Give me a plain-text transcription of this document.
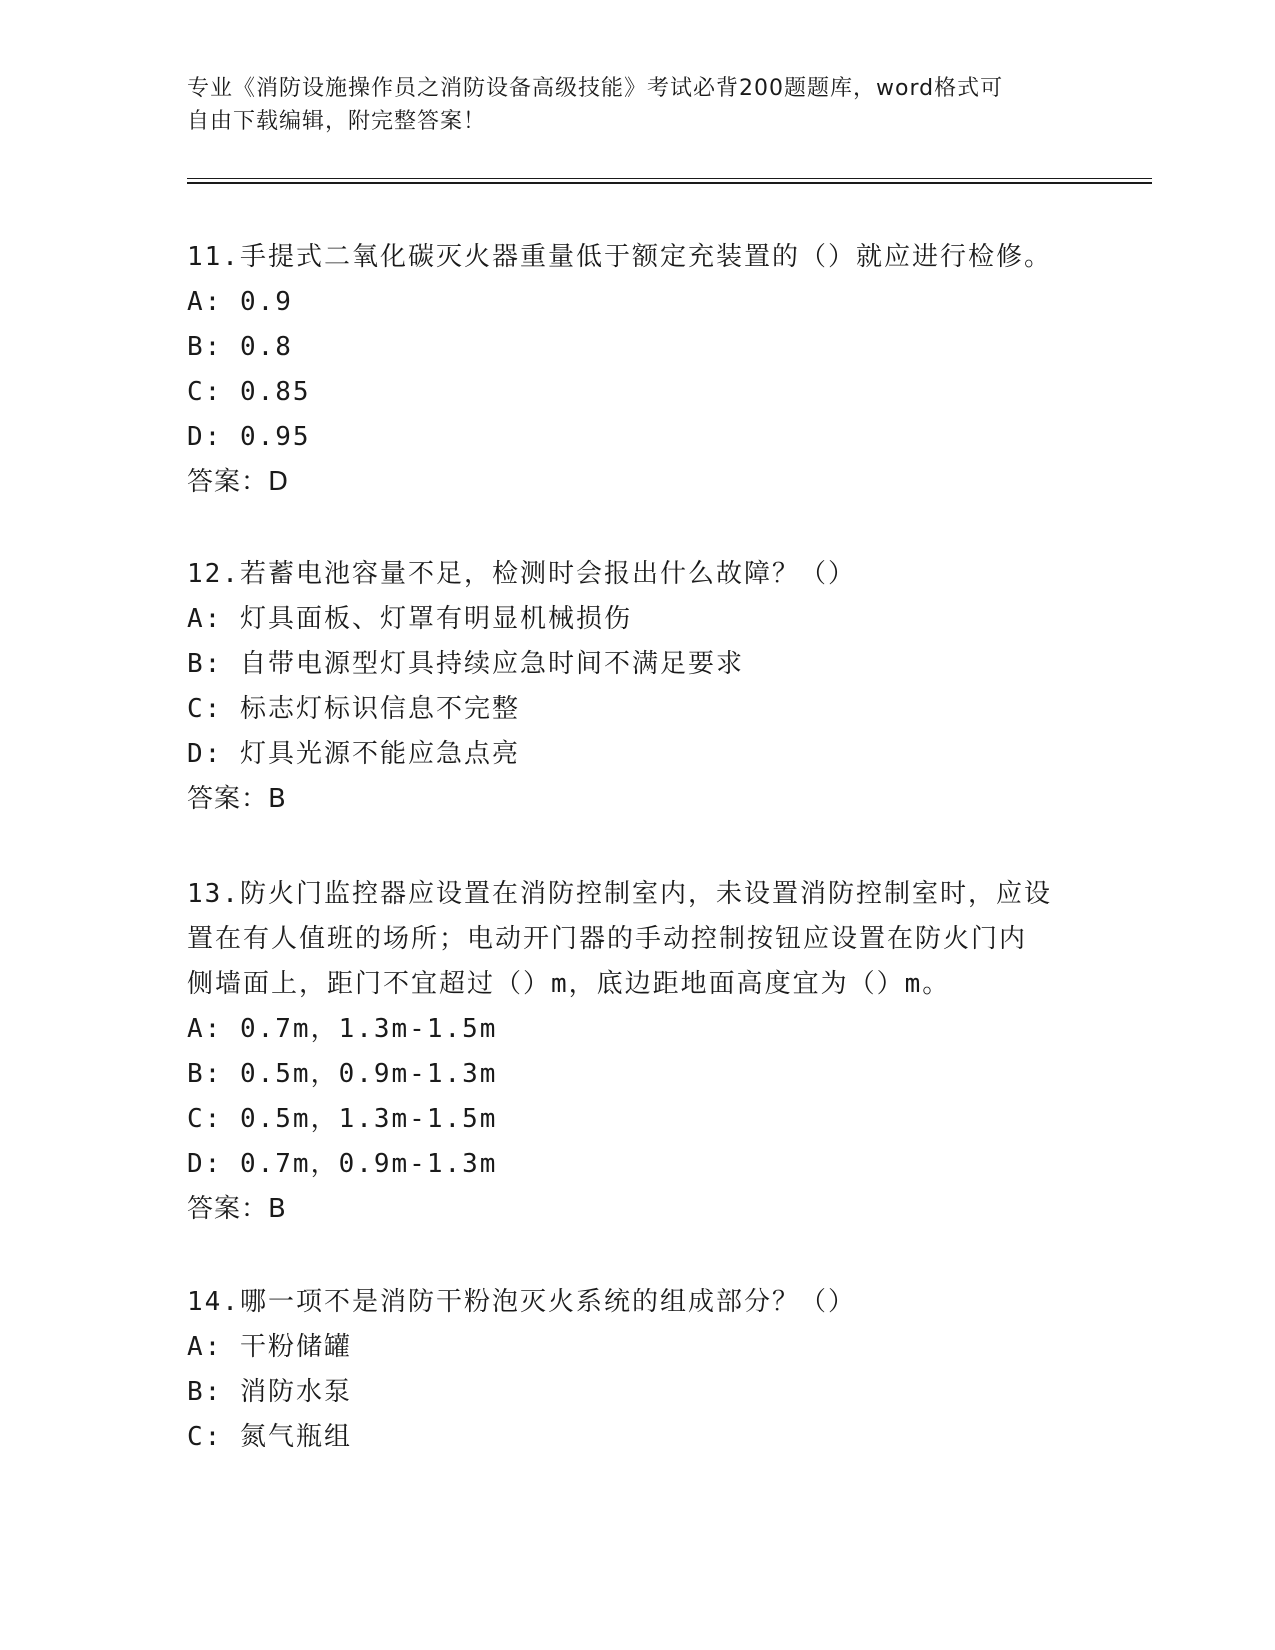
专业《消防设施操作员之消防设备高级技能》考试必背200题题库，word格式可
自由下载编辑，附完整答案！

11.手提式二氧化碳灭火器重量低于额定充装置的（）就应进行检修。

A: 0.9

B: 0.8

C: 0.85

D: 0.95

答案：D

12.若蓄电池容量不足，检测时会报出什么故障？（）

A: 灯具面板、灯罩有明显机械损伤

B: 自带电源型灯具持续应急时间不满足要求

C: 标志灯标识信息不完整

D: 灯具光源不能应急点亮

答案：B

13.防火门监控器应设置在消防控制室内，未设置消防控制室时，应设

置在有人值班的场所；电动开门器的手动控制按钮应设置在防火门内

侧墙面上，距门不宜超过（）m，底边距地面高度宜为（）m。

A: 0.7m，1.3m-1.5m

B: 0.5m，0.9m-1.3m

C: 0.5m，1.3m-1.5m

D: 0.7m，0.9m-1.3m

答案：B

14.哪一项不是消防干粉泡灭火系统的组成部分？（）

A: 干粉储罐

B: 消防水泵

C: 氮气瓶组
